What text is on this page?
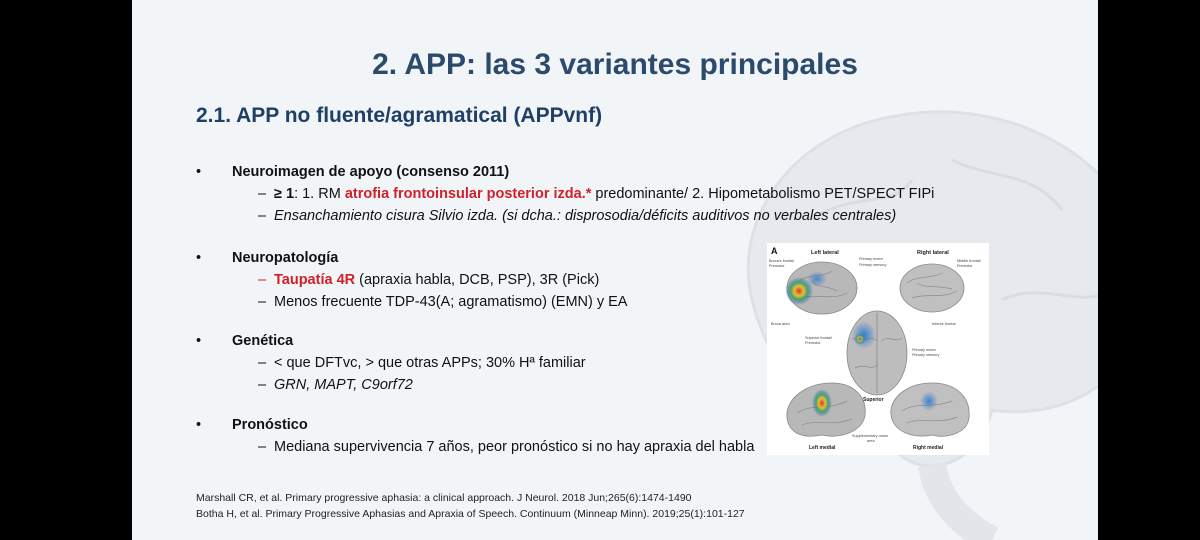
2. APP: las 3 variantes principales
2.1. APP no fluente/agramatical (APPvnf)
• Neuroimagen de apoyo (consenso 2011)
– ≥ 1: 1. RM atrofia frontoinsular posterior izda.* predominante/ 2. Hipometabolismo PET/SPECT FIPi
– Ensanchamiento cisura Silvio izda. (si dcha.: disprosodia/déficits auditivos no verbales centrales)
• Neuropatología
– Taupatía 4R (apraxia habla, DCB, PSP), 3R (Pick)
– Menos frecuente TDP-43(A; agramatismo) (EMN) y EA
• Genética
– < que DFTvc, > que otras APPs; 30% Hª familiar
– GRN, MAPT, C9orf72
• Pronóstico
– Mediana supervivencia 7 años, peor pronóstico si no hay apraxia del habla
A	Left lateral	Right lateral
Primary motor
Primary sensory
Broca's frontal/
Premotor
Middle frontal/
Premotor
Broca area	Inferior frontal
Superior frontal/
Premotor
Primary motor
Primary sensory
Superior
Supplementary motor
area
Left medial	Right medial
Marshall CR, et al. Primary progressive aphasia: a clinical approach. J Neurol. 2018 Jun;265(6):1474-1490
Botha H, et al. Primary Progressive Aphasias and Apraxia of Speech. Continuum (Minneap Minn). 2019;25(1):101-127
